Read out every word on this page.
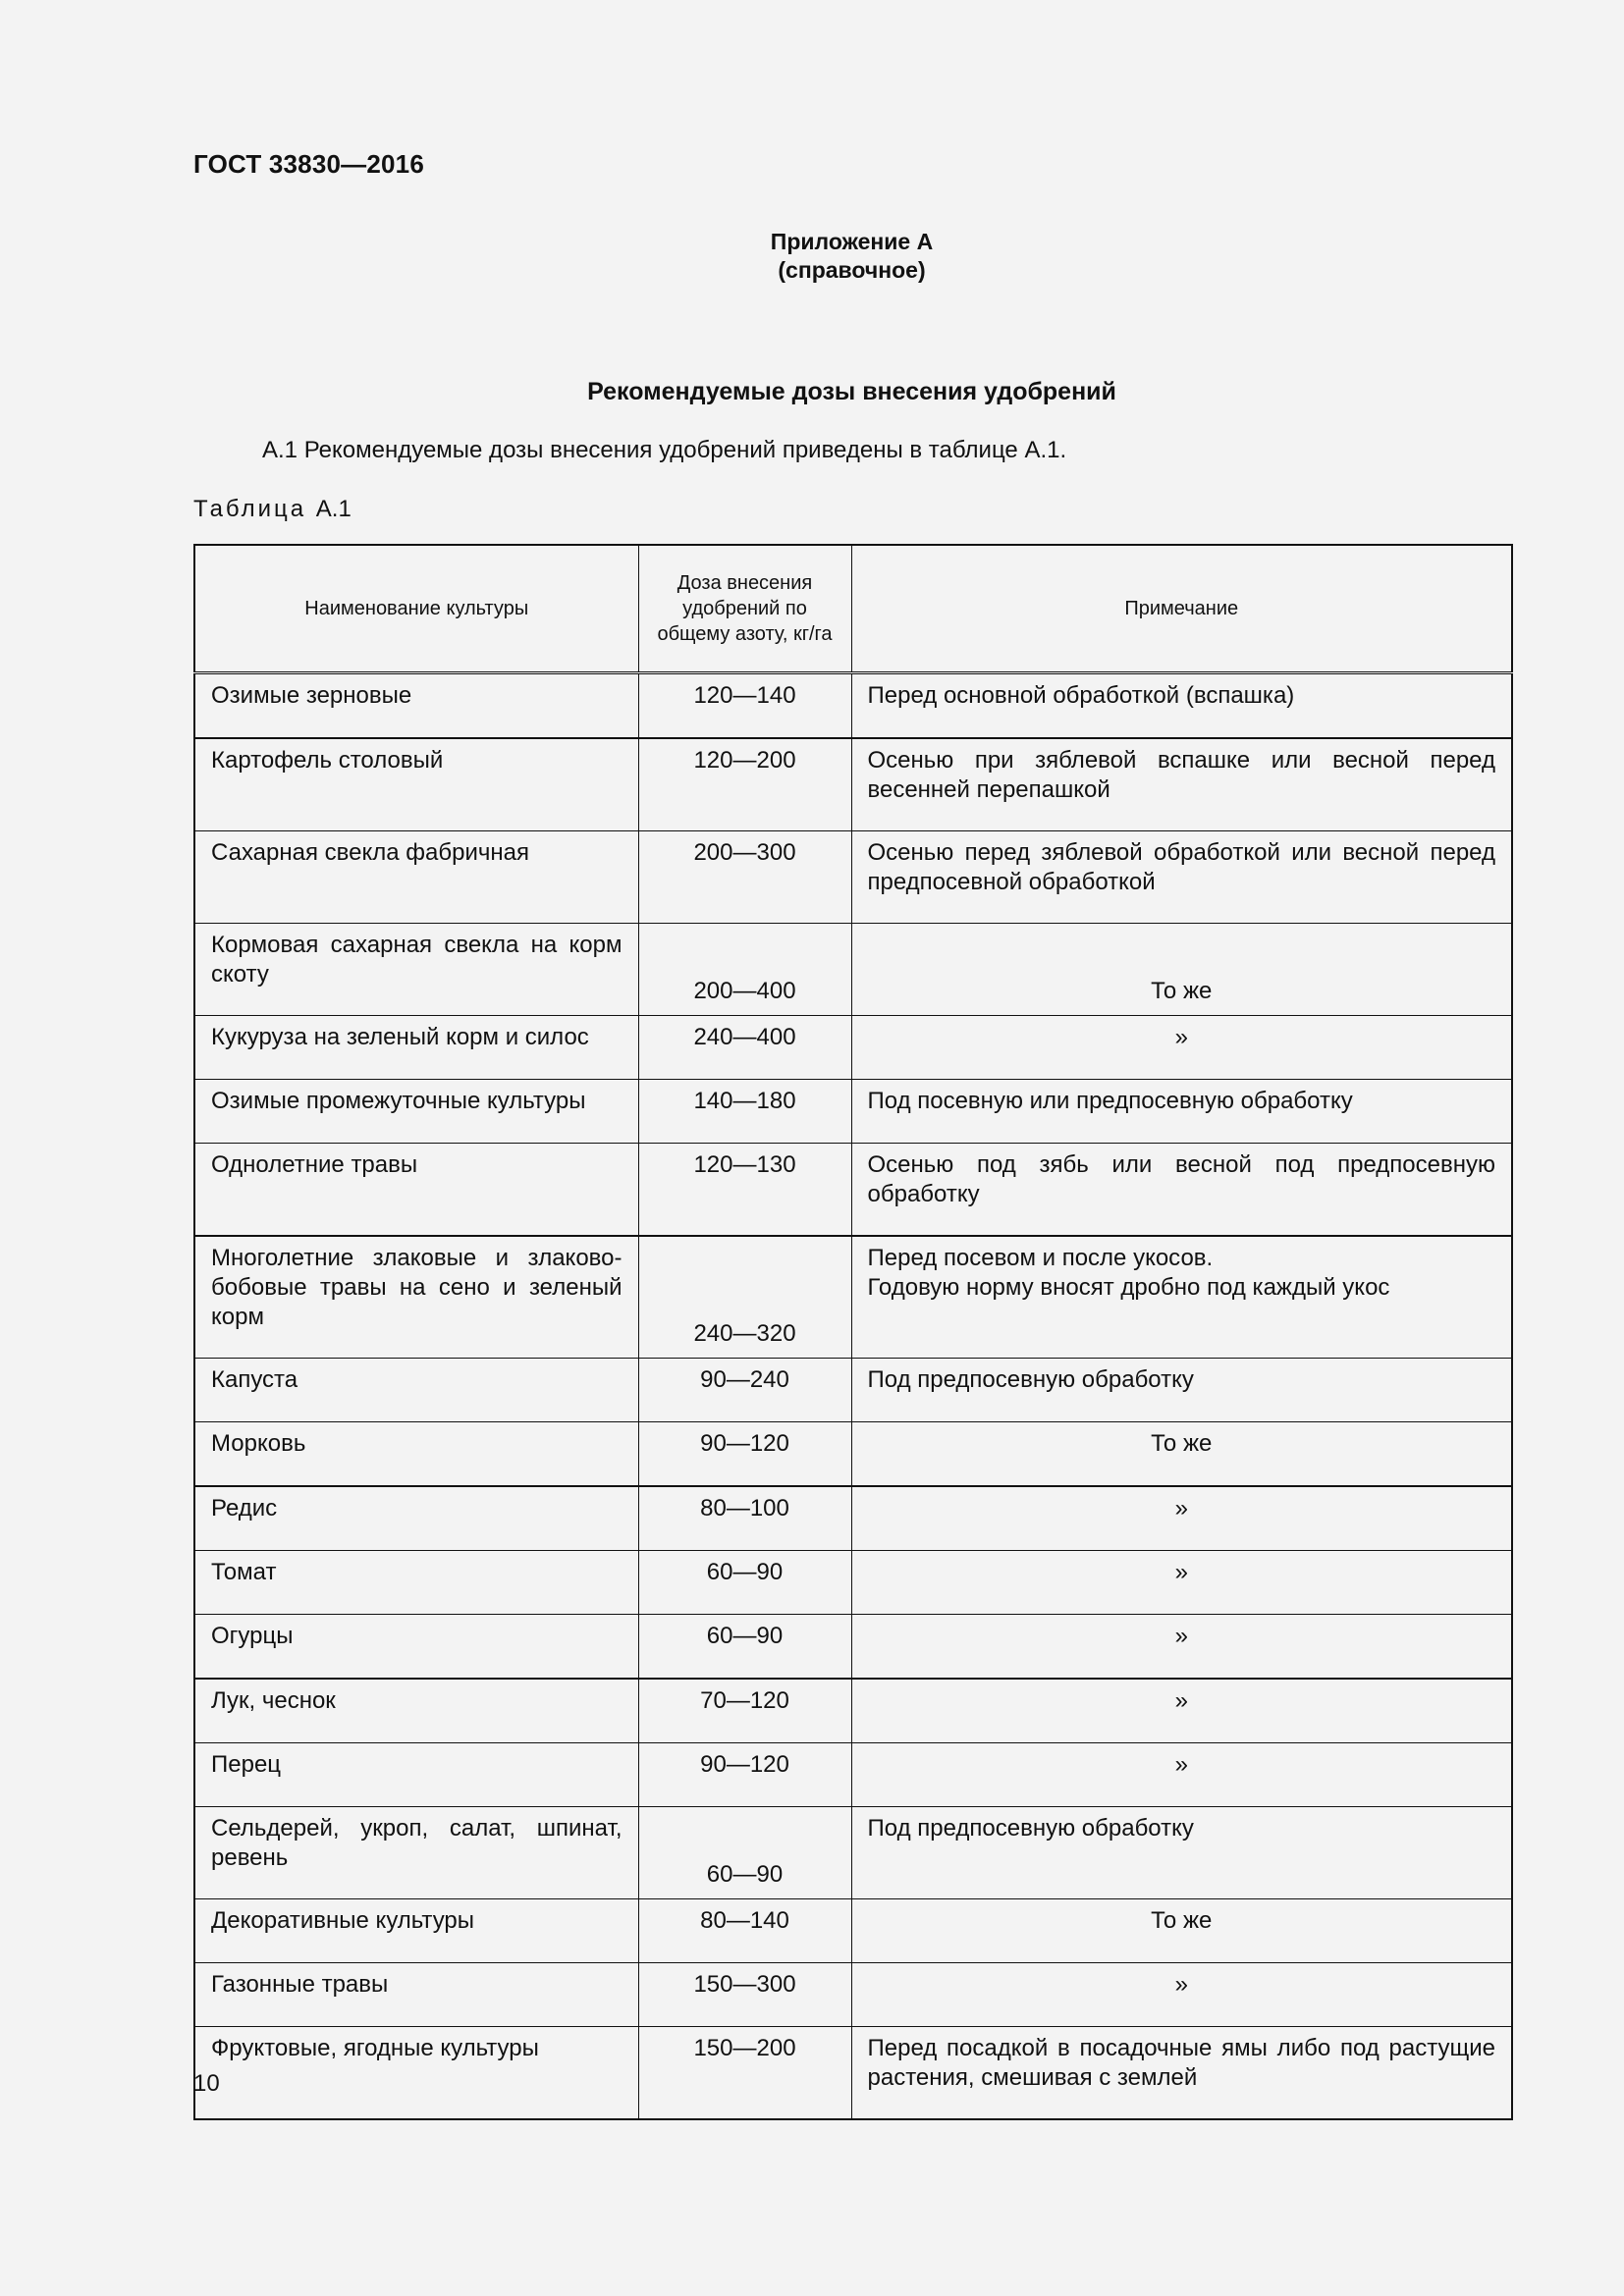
ГОСТ 33830—2016
Приложение А
(справочное)
Рекомендуемые дозы внесения удобрений
А.1 Рекомендуемые дозы внесения удобрений приведены в таблице А.1.
Таблица А.1
Наименование культуры	Доза внесения удобрений по общему азоту, кг/га	Примечание

Озимые зерновые	120—140	Перед основной обработкой (вспашка)
Картофель столовый	120—200	Осенью при зяблевой вспашке или весной перед весенней перепашкой
Сахарная свекла фабричная	200—300	Осенью перед зяблевой обработкой или весной перед предпосевной обработкой
Кормовая сахарная свекла на корм скоту	200—400	То же
Кукуруза на зеленый корм и силос	240—400	»
Озимые промежуточные культуры	140—180	Под посевную или предпосевную обработку
Однолетние травы	120—130	Осенью под зябь или весной под предпосевную обработку
Многолетние злаковые и злаково-бобовые травы на сено и зеленый корм	240—320	Перед посевом и после укосов.
Годовую норму вносят дробно под каждый укос
Капуста	90—240	Под предпосевную обработку
Морковь	90—120	То же
Редис	80—100	»
Томат	60—90	»
Огурцы	60—90	»
Лук, чеснок	70—120	»
Перец	90—120	»
Сельдерей, укроп, салат, шпинат, ревень	60—90	Под предпосевную обработку
Декоративные культуры	80—140	То же
Газонные травы	150—300	»
Фруктовые, ягодные культуры	150—200	Перед посадкой в посадочные ямы либо под растущие растения, смешивая с землей
10
